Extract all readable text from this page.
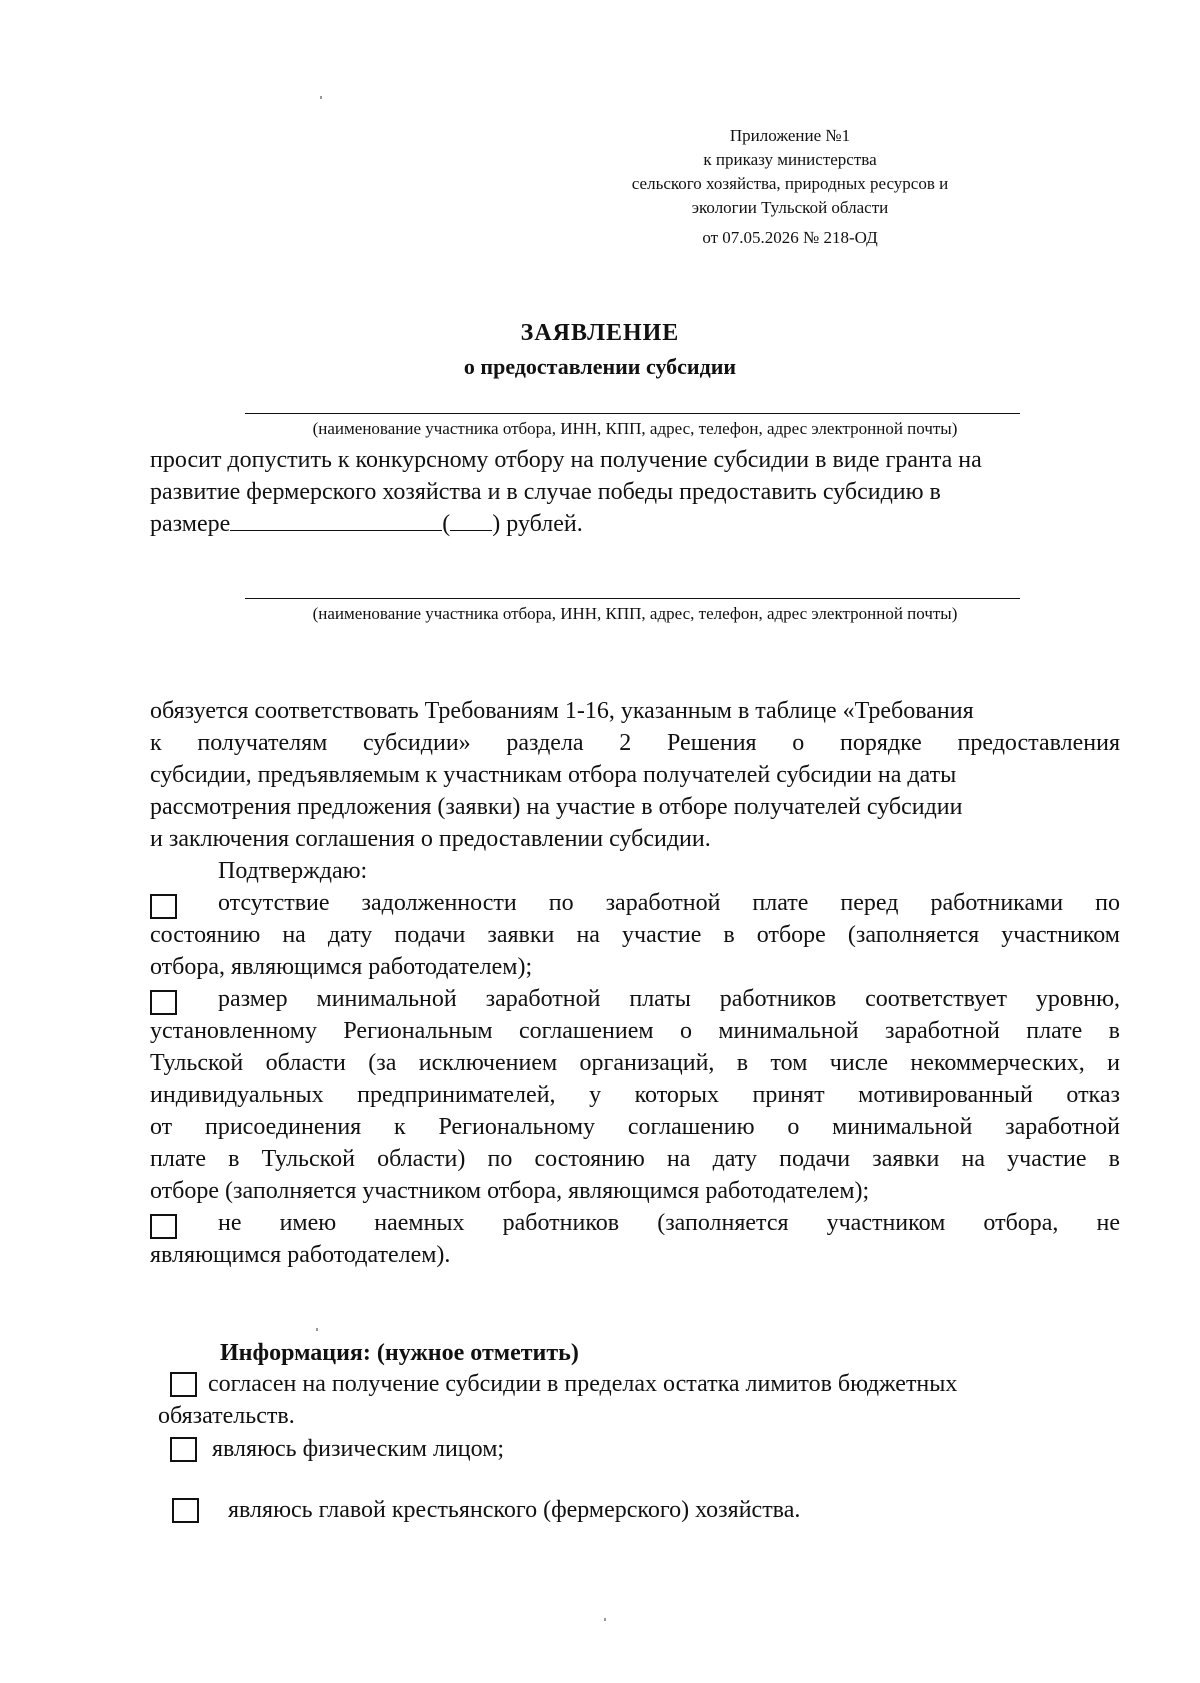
Приложение №1
к приказу министерства
сельского хозяйства, природных ресурсов и
экологии Тульской области
от 07.05.2026 № 218-ОД
ЗАЯВЛЕНИЕ
о предоставлении субсидии
(наименование участника отбора, ИНН, КПП, адрес, телефон, адрес электронной почты)
просит допустить к конкурсному отбору на получение субсидии в виде гранта на
развитие фермерского хозяйства и в случае победы предоставить субсидию в
размере	( ) рублей.
(наименование участника отбора, ИНН, КПП, адрес, телефон, адрес электронной почты)
обязуется соответствовать Требованиям 1-16, указанным в таблице «Требования
к получателям субсидии» раздела 2 Решения о порядке предоставления
субсидии, предъявляемым к участникам отбора получателей субсидии на даты
рассмотрения предложения (заявки) на участие в отборе получателей субсидии
и заключения соглашения о предоставлении субсидии.
Подтверждаю:
отсутствие задолженности по заработной плате перед работниками по
состоянию на дату подачи заявки на участие в отборе (заполняется участником
отбора, являющимся работодателем);
размер минимальной заработной платы работников соответствует уровню,
установленному Региональным соглашением о минимальной заработной плате в
Тульской области (за исключением организаций, в том числе некоммерческих, и
индивидуальных предпринимателей, у которых принят мотивированный отказ
от присоединения к Региональному соглашению о минимальной заработной
плате в Тульской области) по состоянию на дату подачи заявки на участие в
отборе (заполняется участником отбора, являющимся работодателем);
не имею наемных работников (заполняется участником отбора, не
являющимся работодателем).
Информация: (нужное отметить)
согласен на получение субсидии в пределах остатка лимитов бюджетных
обязательств.
являюсь физическим лицом;
являюсь главой крестьянского (фермерского) хозяйства.
